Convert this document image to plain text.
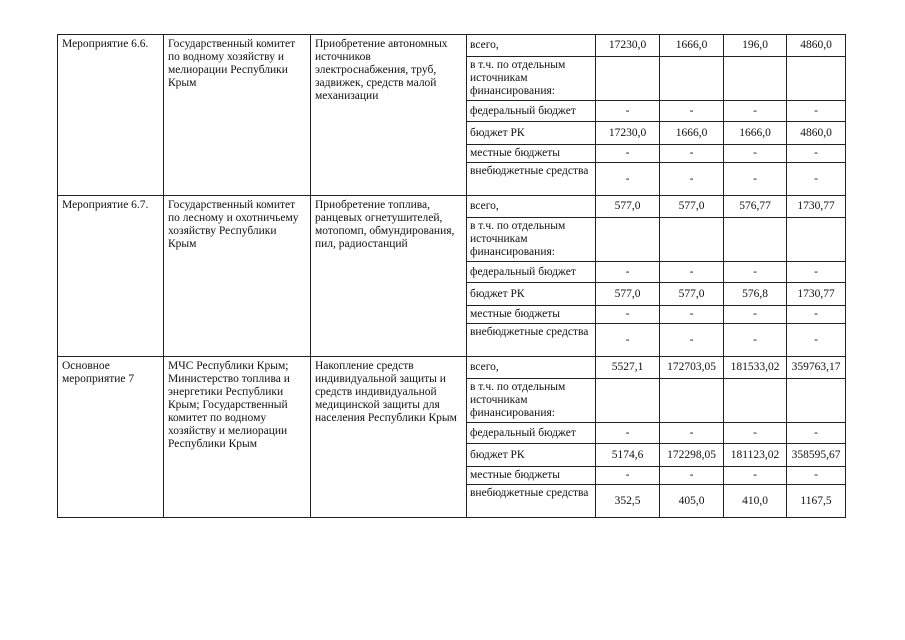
Мероприятие 6.6.	Государственный комитет по водному хозяйству и мелиорации Республики Крым	Приобретение автономных источников электроснабжения, труб, задвижек, средств малой механизации	всего,	17230,0	1666,0	196,0	4860,0
			в т.ч. по отдельным источникам финансирования:				
			федеральный бюджет	-	-	-	-
			бюджет РК	17230,0	1666,0	1666,0	4860,0
			местные бюджеты	-	-	-	-
			внебюджетные средства	-	-	-	-
Мероприятие 6.7.	Государственный комитет по лесному и охотничьему хозяйству Республики Крым	Приобретение топлива, ранцевых огнетушителей, мотопомп, обмундирования, пил, радиостанций	всего,	577,0	577,0	576,77	1730,77
			в т.ч. по отдельным источникам финансирования:				
			федеральный бюджет	-	-	-	-
			бюджет РК	577,0	577,0	576,8	1730,77
			местные бюджеты	-	-	-	-
			внебюджетные средства	-	-	-	-
Основное мероприятие 7	МЧС Республики Крым; Министерство топлива и энергетики Республики Крым; Государственный комитет по водному хозяйству и мелиорации Республики Крым	Накопление средств индивидуальной защиты и средств индивидуальной медицинской защиты для населения Республики Крым	всего,	5527,1	172703,05	181533,02	359763,17
			в т.ч. по отдельным источникам финансирования:				
			федеральный бюджет	-	-	-	-
			бюджет РК	5174,6	172298,05	181123,02	358595,67
			местные бюджеты	-	-	-	-
			внебюджетные средства	352,5	405,0	410,0	1167,5
